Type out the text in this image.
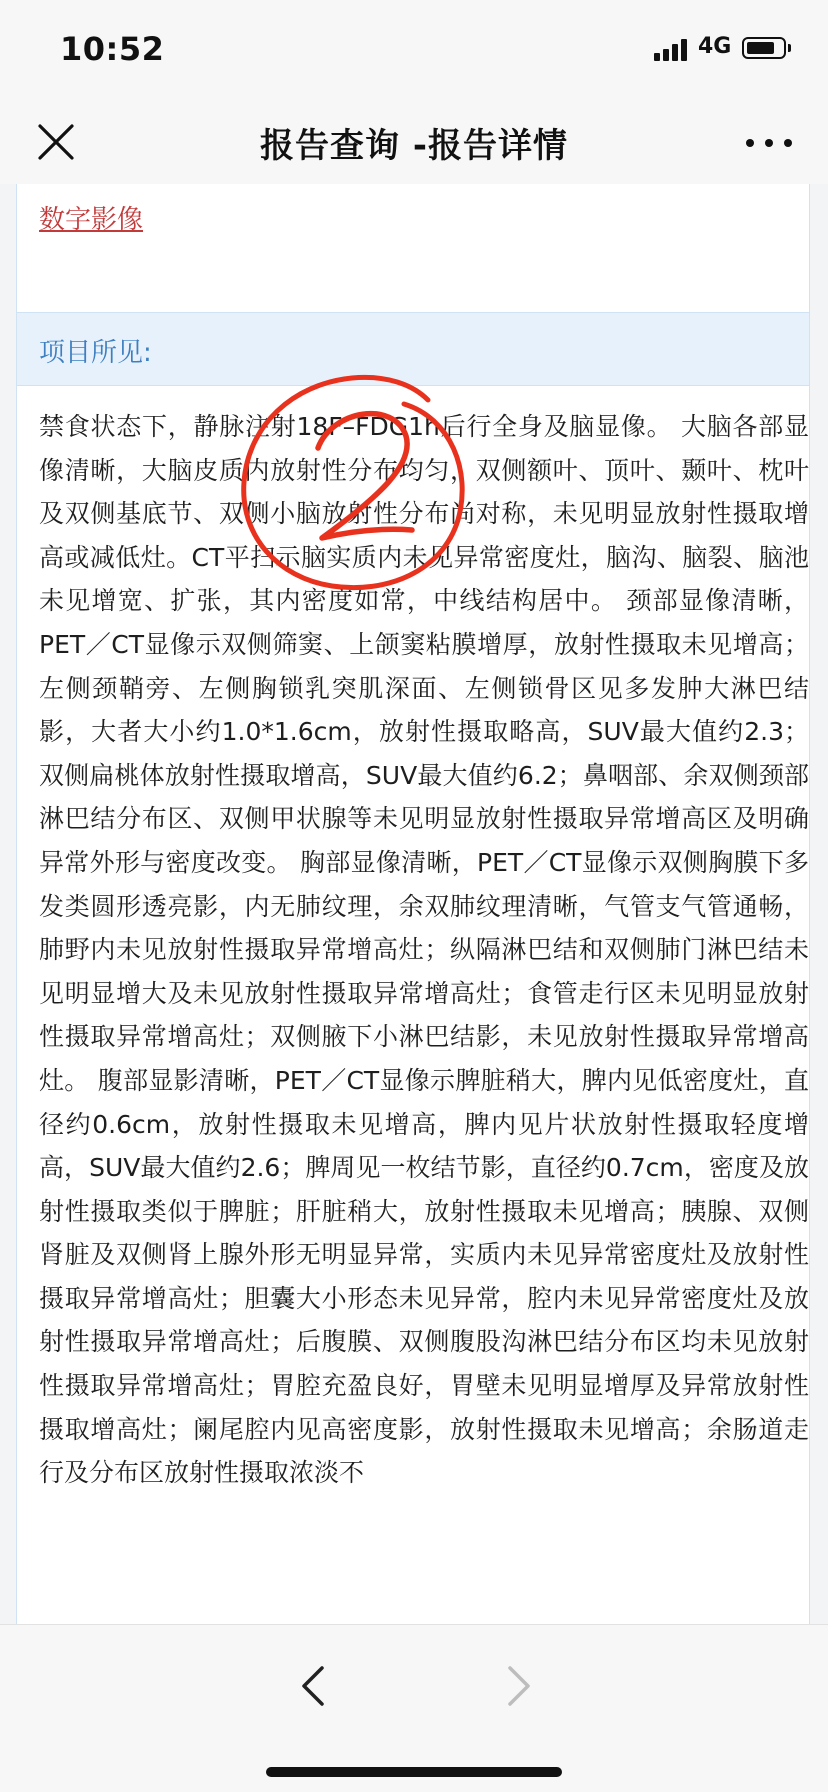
10:52	4G
报告查询 -报告详情
数字影像
项目所见:
禁食状态下，静脉注射18F–FDG1h后行全身及脑显像。 大脑各部显像清晰，大脑皮质内放射性分布均匀，双侧额叶、顶叶、颞叶、枕叶及双侧基底节、双侧小脑放射性分布尚对称，未见明显放射性摄取增高或减低灶。CT平扫示脑实质内未见异常密度灶，脑沟、脑裂、脑池未见增宽、扩张，其内密度如常，中线结构居中。 颈部显像清晰，PET／CT显像示双侧筛窦、上颌窦粘膜增厚，放射性摄取未见增高；左侧颈鞘旁、左侧胸锁乳突肌深面、左侧锁骨区见多发肿大淋巴结影，大者大小约1.0*1.6cm，放射性摄取略高，SUV最大值约2.3；双侧扁桃体放射性摄取增高，SUV最大值约6.2；鼻咽部、余双侧颈部淋巴结分布区、双侧甲状腺等未见明显放射性摄取异常增高区及明确异常外形与密度改变。 胸部显像清晰，PET／CT显像示双侧胸膜下多发类圆形透亮影，内无肺纹理，余双肺纹理清晰，气管支气管通畅，肺野内未见放射性摄取异常增高灶；纵隔淋巴结和双侧肺门淋巴结未见明显增大及未见放射性摄取异常增高灶；食管走行区未见明显放射性摄取异常增高灶；双侧腋下小淋巴结影，未见放射性摄取异常增高灶。 腹部显影清晰，PET／CT显像示脾脏稍大，脾内见低密度灶，直径约0.6cm，放射性摄取未见增高，脾内见片状放射性摄取轻度增高，SUV最大值约2.6；脾周见一枚结节影，直径约0.7cm，密度及放射性摄取类似于脾脏；肝脏稍大，放射性摄取未见增高；胰腺、双侧肾脏及双侧肾上腺外形无明显异常，实质内未见异常密度灶及放射性摄取异常增高灶；胆囊大小形态未见异常，腔内未见异常密度灶及放射性摄取异常增高灶；后腹膜、双侧腹股沟淋巴结分布区均未见放射性摄取异常增高灶；胃腔充盈良好，胃壁未见明显增厚及异常放射性摄取增高灶；阑尾腔内见高密度影，放射性摄取未见增高；余肠道走行及分布区放射性摄取浓淡不
